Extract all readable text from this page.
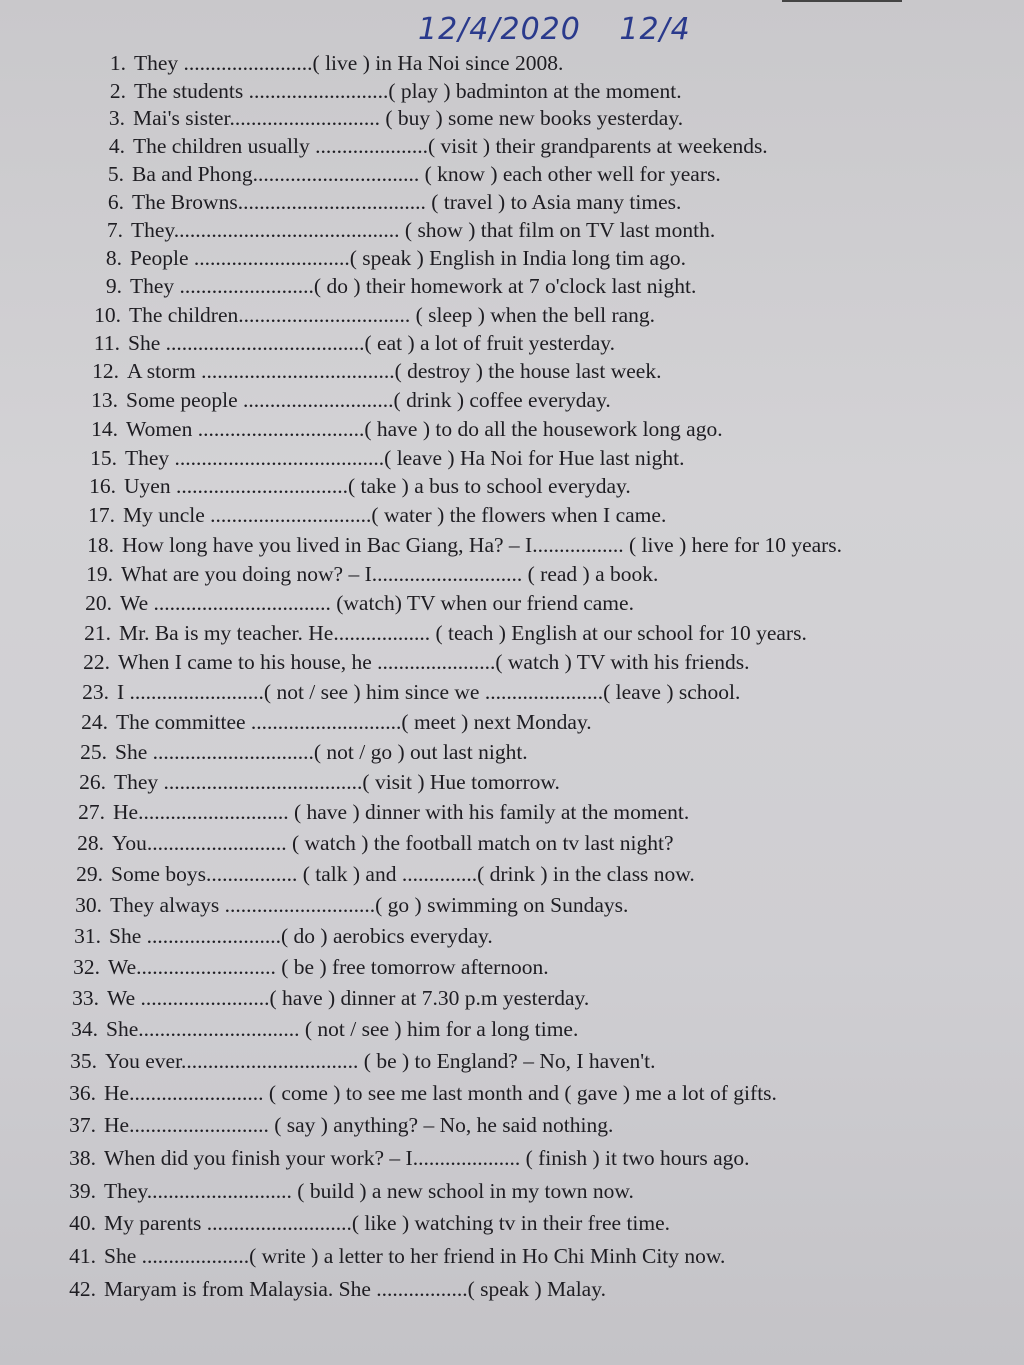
12/4/2020 12/4
1. They ........................( live ) in Ha Noi since 2008.
2. The students ..........................( play ) badminton at the moment.
3. Mai's sister............................ ( buy ) some new books yesterday.
4. The children usually .....................( visit ) their grandparents at weekends.
5. Ba and Phong............................... ( know ) each other well for years.
6. The Browns................................... ( travel ) to Asia many times.
7. They.......................................... ( show ) that film on TV last month.
8. People .............................( speak ) English in India long tim ago.
9. They .........................( do ) their homework at 7 o'clock last night.
10. The children................................ ( sleep ) when the bell rang.
11. She .....................................( eat ) a lot of fruit yesterday.
12. A storm ....................................( destroy ) the house last week.
13. Some people ............................( drink ) coffee everyday.
14. Women ...............................( have ) to do all the housework long ago.
15. They .......................................( leave ) Ha Noi for Hue last night.
16. Uyen ................................( take ) a bus to school everyday.
17. My uncle ..............................( water ) the flowers when I came.
18. How long have you lived in Bac Giang, Ha? – I................. ( live ) here for 10 years.
19. What are you doing now? – I............................ ( read ) a book.
20. We ................................. (watch) TV when our friend came.
21. Mr. Ba is my teacher. He.................. ( teach ) English at our school for 10 years.
22. When I came to his house, he ......................( watch ) TV with his friends.
23. I .........................( not / see ) him since we ......................( leave ) school.
24. The committee ............................( meet ) next Monday.
25. She ..............................( not / go ) out last night.
26. They .....................................( visit ) Hue tomorrow.
27. He............................ ( have ) dinner with his family at the moment.
28. You.......................... ( watch ) the football match on tv last night?
29. Some boys................. ( talk ) and ..............( drink ) in the class now.
30. They always ............................( go ) swimming on Sundays.
31. She .........................( do ) aerobics everyday.
32. We.......................... ( be ) free tomorrow afternoon.
33. We ........................( have ) dinner at 7.30 p.m yesterday.
34. She.............................. ( not / see ) him for a long time.
35. You ever................................. ( be ) to England? – No, I haven't.
36. He......................... ( come ) to see me last month and ( gave ) me a lot of gifts.
37. He.......................... ( say ) anything? – No, he said nothing.
38. When did you finish your work? – I.................... ( finish ) it two hours ago.
39. They........................... ( build ) a new school in my town now.
40. My parents ...........................( like ) watching tv in their free time.
41. She ....................( write ) a letter to her friend in Ho Chi Minh City now.
42. Maryam is from Malaysia. She .................( speak ) Malay.
